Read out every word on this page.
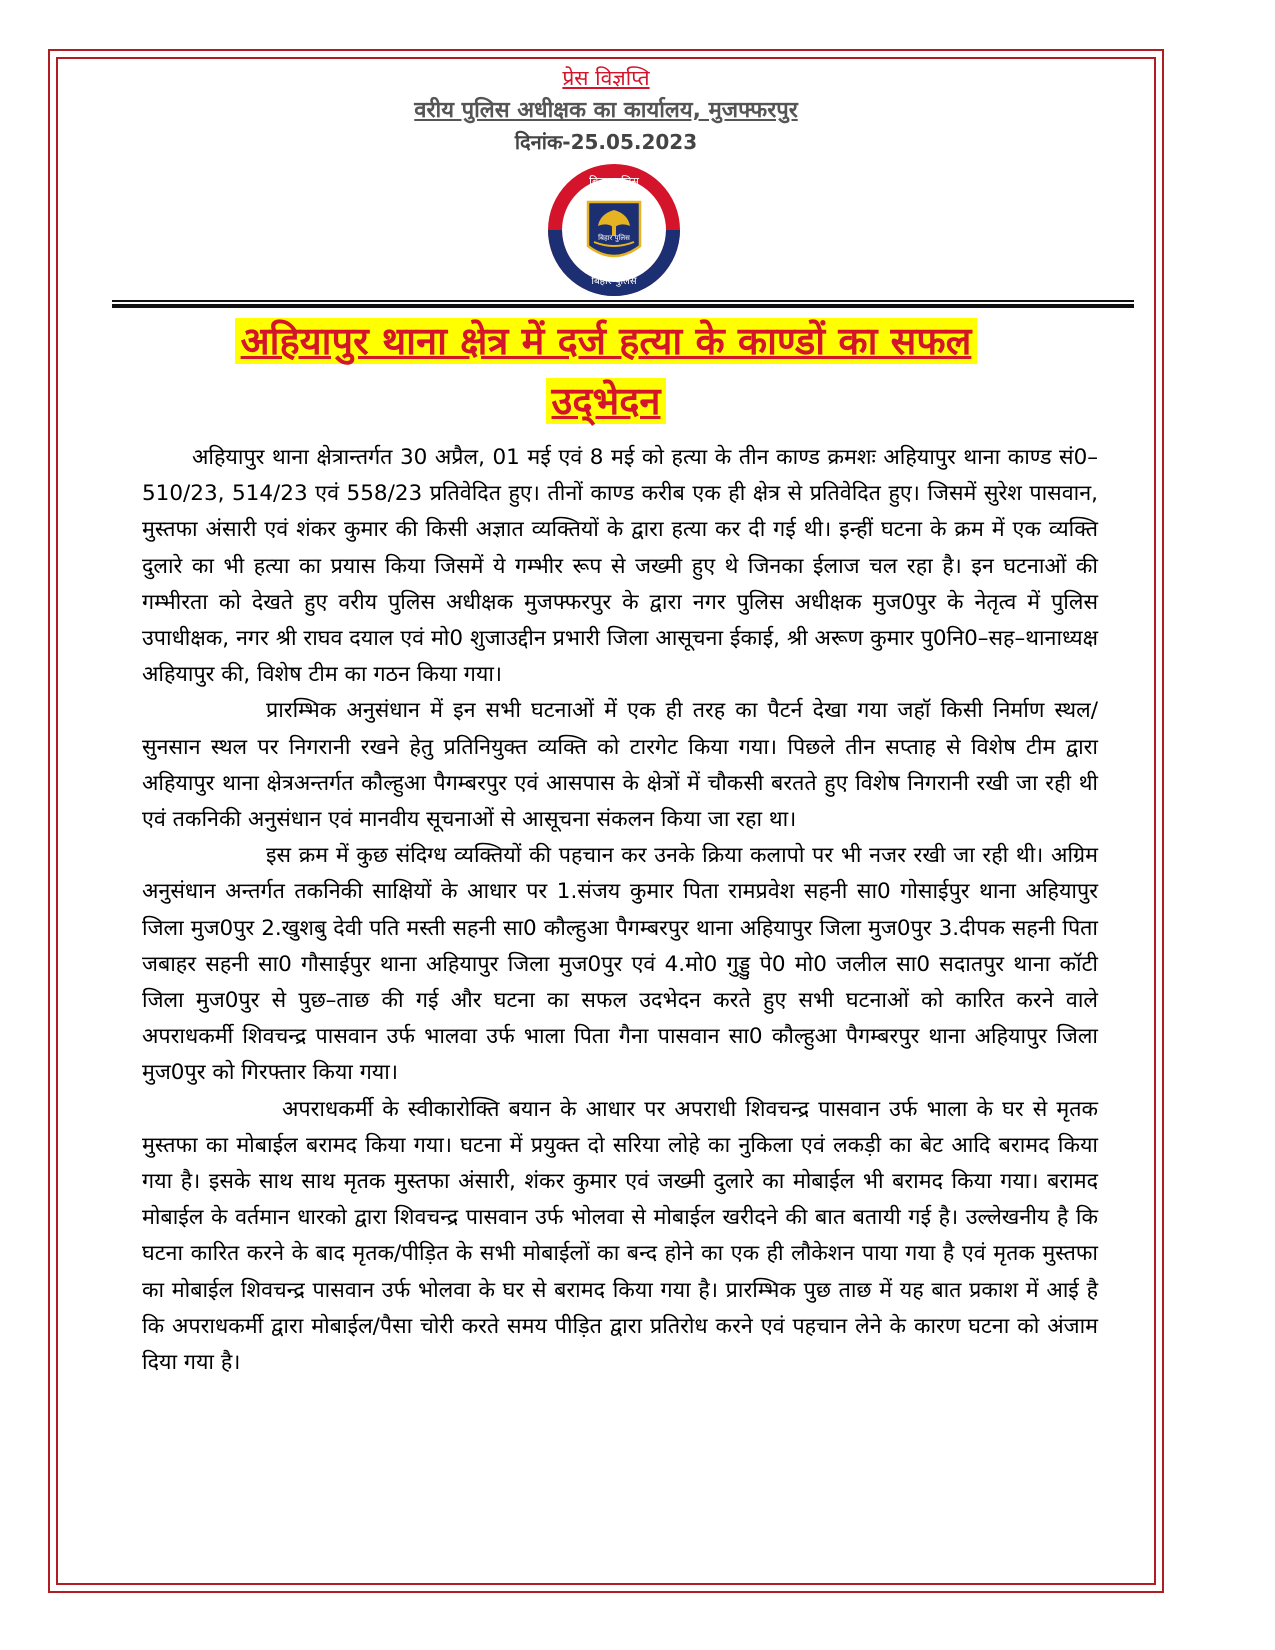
प्रेस विज्ञप्ति
वरीय पुलिस अधीक्षक का कार्यालय, मुजफ्फरपुर
दिनांक-25.05.2023
बिहार पुलिस
बिहार पुलिस
बिहार पुलिस
अहियापुर थाना क्षेत्र में दर्ज हत्या के काण्डों का सफल
उद्‌भेदन

अहियापुर थाना क्षेत्रान्तर्गत 30 अप्रैल, 01 मई एवं 8 मई को हत्या के तीन काण्ड क्रमशः अहियापुर थाना काण्ड सं0–510/23, 514/23 एवं 558/23 प्रतिवेदित हुए। तीनों काण्ड करीब एक ही क्षेत्र से प्रतिवेदित हुए। जिसमें सुरेश पासवान, मुस्तफा अंसारी एवं शंकर कुमार की किसी अज्ञात व्यक्तियों के द्वारा हत्या कर दी गई थी। इन्हीं घटना के क्रम में एक व्यक्ति दुलारे का भी हत्या का प्रयास किया जिसमें ये गम्भीर रूप से जख्मी हुए थे जिनका ईलाज चल रहा है। इन घटनाओं की गम्भीरता को देखते हुए वरीय पुलिस अधीक्षक मुजफ्फरपुर के द्वारा नगर पुलिस अधीक्षक मुज0पुर के नेतृत्व में पुलिस उपाधीक्षक, नगर श्री राघव दयाल एवं मो0 शुजाउद्दीन प्रभारी जिला आसूचना ईकाई, श्री अरूण कुमार पु0नि0–सह–थानाध्यक्ष अहियापुर की, विशेष टीम का गठन किया गया।

प्रारम्भिक अनुसंधान में इन सभी घटनाओं में एक ही तरह का पैटर्न देखा गया जहॉ किसी निर्माण स्थल/ सुनसान स्थल पर निगरानी रखने हेतु प्रतिनियुक्त व्यक्ति को टारगेट किया गया। पिछले तीन सप्ताह से विशेष टीम द्वारा अहियापुर थाना क्षेत्रअन्तर्गत कौल्हुआ पैगम्बरपुर एवं आसपास के क्षेत्रों में चौकसी बरतते हुए विशेष निगरानी रखी जा रही थी एवं तकनिकी अनुसंधान एवं मानवीय सूचनाओं से आसूचना संकलन किया जा रहा था।

इस क्रम में कुछ संदिग्ध व्यक्तियों की पहचान कर उनके क्रिया कलापो पर भी नजर रखी जा रही थी। अग्रिम अनुसंधान अन्तर्गत तकनिकी साक्षियों के आधार पर 1.संजय कुमार पिता रामप्रवेश सहनी सा0 गोसाईपुर थाना अहियापुर जिला मुज0पुर 2.खुशबु देवी पति मस्ती सहनी सा0 कौल्हुआ पैगम्बरपुर थाना अहियापुर जिला मुज0पुर 3.दीपक सहनी पिता जबाहर सहनी सा0 गौसाईपुर थाना अहियापुर जिला मुज0पुर एवं 4.मो0 गुड्डु पे0 मो0 जलील सा0 सदातपुर थाना कॉटी जिला मुज0पुर से पुछ–ताछ की गई और घटना का सफल उदभेदन करते हुए सभी घटनाओं को कारित करने वाले अपराधकर्मी शिवचन्द्र पासवान उर्फ भालवा उर्फ भाला पिता गैना पासवान सा0 कौल्हुआ पैगम्बरपुर थाना अहियापुर जिला मुज0पुर को गिरफ्तार किया गया।

अपराधकर्मी के स्वीकारोक्ति बयान के आधार पर अपराधी शिवचन्द्र पासवान उर्फ भाला के घर से मृतक मुस्तफा का मोबाईल बरामद किया गया। घटना में प्रयुक्त दो सरिया लोहे का नुकिला एवं लकड़ी का बेट आदि बरामद किया गया है। इसके साथ साथ मृतक मुस्तफा अंसारी, शंकर कुमार एवं जख्मी दुलारे का मोबाईल भी बरामद किया गया। बरामद मोबाईल के वर्तमान धारको द्वारा शिवचन्द्र पासवान उर्फ भोलवा से मोबाईल खरीदने की बात बतायी गई है। उल्लेखनीय है कि घटना कारित करने के बाद मृतक/पीड़ित के सभी मोबाईलों का बन्द होने का एक ही लौकेशन पाया गया है एवं मृतक मुस्तफा का मोबाईल शिवचन्द्र पासवान उर्फ भोलवा के घर से बरामद किया गया है। प्रारम्भिक पुछ ताछ में यह बात प्रकाश में आई है कि अपराधकर्मी द्वारा मोबाईल/पैसा चोरी करते समय पीड़ित द्वारा प्रतिरोध करने एवं पहचान लेने के कारण घटना को अंजाम दिया गया है।
